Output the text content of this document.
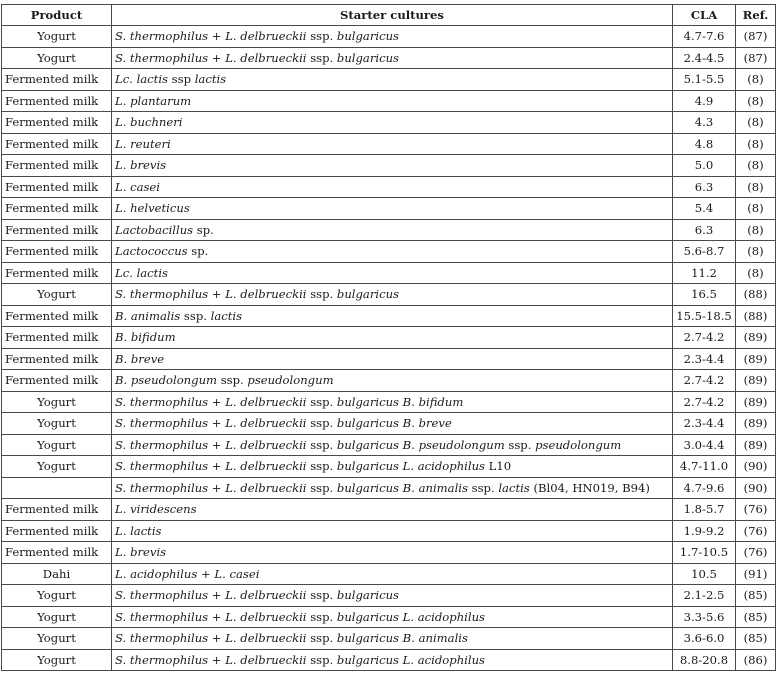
Product	Starter cultures	CLA	Ref.
Yogurt	S. thermophilus + L. delbrueckii ssp. bulgaricus	4.7-7.6	(87)
Yogurt	S. thermophilus + L. delbrueckii ssp. bulgaricus	2.4-4.5	(87)
Fermented milk	Lc. lactis ssp lactis	5.1-5.5	(8)
Fermented milk	L. plantarum	4.9	(8)
Fermented milk	L. buchneri	4.3	(8)
Fermented milk	L. reuteri	4.8	(8)
Fermented milk	L. brevis	5.0	(8)
Fermented milk	L. casei	6.3	(8)
Fermented milk	L. helveticus	5.4	(8)
Fermented milk	Lactobacillus sp.	6.3	(8)
Fermented milk	Lactococcus sp.	5.6-8.7	(8)
Fermented milk	Lc. lactis	11.2	(8)
Yogurt	S. thermophilus + L. delbrueckii ssp. bulgaricus	16.5	(88)
Fermented milk	B. animalis ssp. lactis	15.5-18.5	(88)
Fermented milk	B. bifidum	2.7-4.2	(89)
Fermented milk	B. breve	2.3-4.4	(89)
Fermented milk	B. pseudolongum ssp. pseudolongum	2.7-4.2	(89)
Yogurt	S. thermophilus + L. delbrueckii ssp. bulgaricus B. bifidum	2.7-4.2	(89)
Yogurt	S. thermophilus + L. delbrueckii ssp. bulgaricus B. breve	2.3-4.4	(89)
Yogurt	S. thermophilus + L. delbrueckii ssp. bulgaricus B. pseudolongum ssp. pseudolongum	3.0-4.4	(89)
Yogurt	S. thermophilus + L. delbrueckii ssp. bulgaricus L. acidophilus L10	4.7-11.0	(90)
	S. thermophilus + L. delbrueckii ssp. bulgaricus B. animalis ssp. lactis (Bl04, HN019, B94)	4.7-9.6	(90)
Fermented milk	L. viridescens	1.8-5.7	(76)
Fermented milk	L. lactis	1.9-9.2	(76)
Fermented milk	L. brevis	1.7-10.5	(76)
Dahi	L. acidophilus + L. casei	10.5	(91)
Yogurt	S. thermophilus + L. delbrueckii ssp. bulgaricus	2.1-2.5	(85)
Yogurt	S. thermophilus + L. delbrueckii ssp. bulgaricus L. acidophilus	3.3-5.6	(85)
Yogurt	S. thermophilus + L. delbrueckii ssp. bulgaricus B. animalis	3.6-6.0	(85)
Yogurt	S. thermophilus + L. delbrueckii ssp. bulgaricus L. acidophilus	8.8-20.8	(86)
